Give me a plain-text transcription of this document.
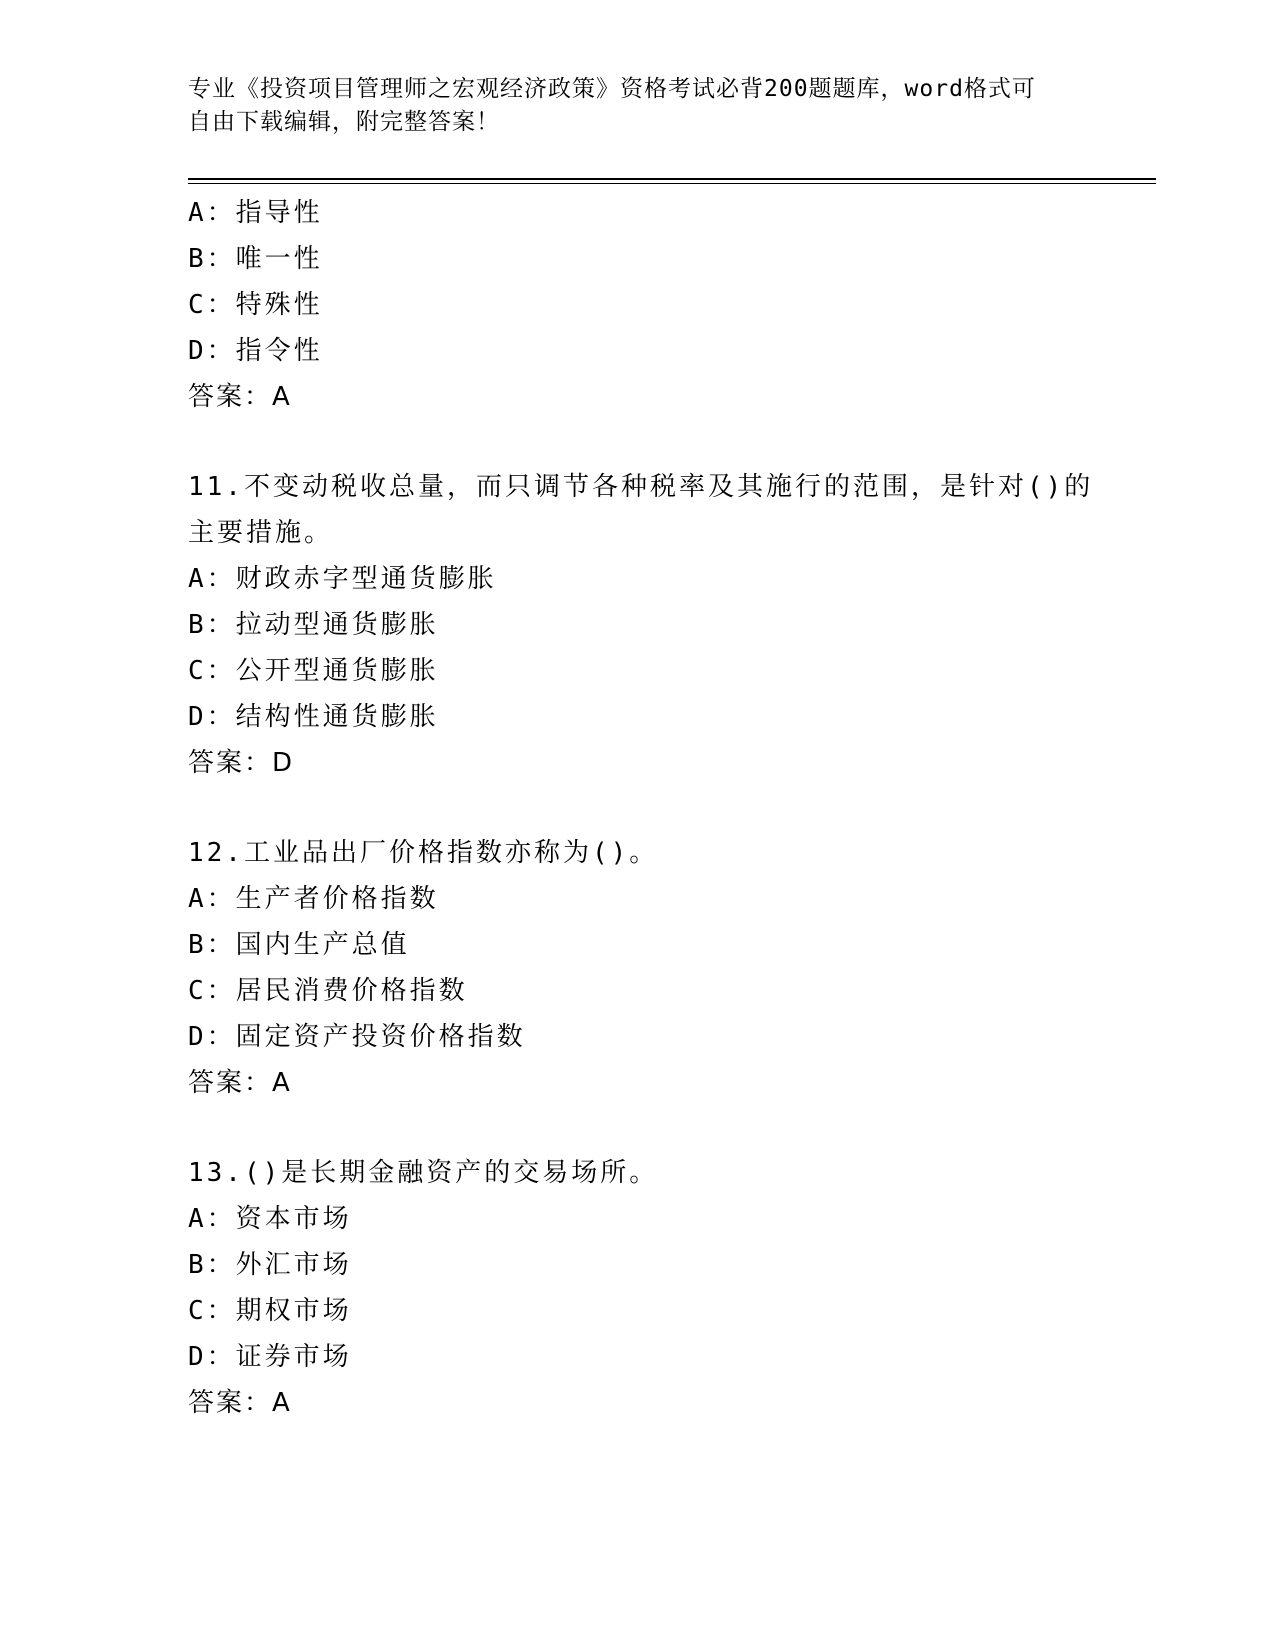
专业《投资项目管理师之宏观经济政策》资格考试必背200题题库，word格式可
自由下载编辑，附完整答案！
A：指导性
B：唯一性
C：特殊性
D：指令性
答案：A
11.不变动税收总量，而只调节各种税率及其施行的范围，是针对()的
主要措施。
A：财政赤字型通货膨胀
B：拉动型通货膨胀
C：公开型通货膨胀
D：结构性通货膨胀
答案：D
12.工业品出厂价格指数亦称为()。
A：生产者价格指数
B：国内生产总值
C：居民消费价格指数
D：固定资产投资价格指数
答案：A
13.()是长期金融资产的交易场所。
A：资本市场
B：外汇市场
C：期权市场
D：证券市场
答案：A
